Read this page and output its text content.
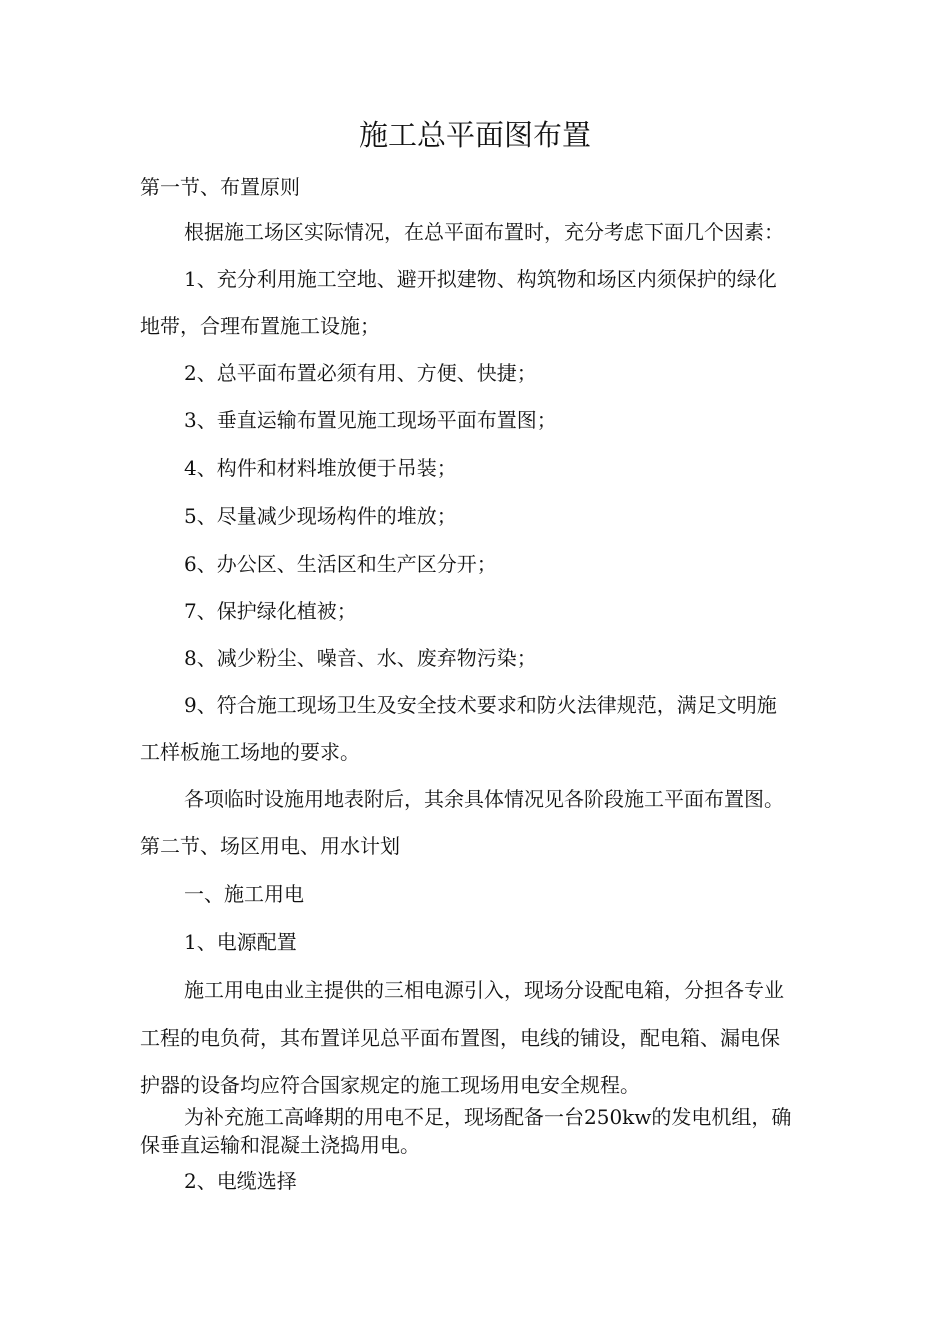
施工总平面图布置
第一节、布置原则
根据施工场区实际情况，在总平面布置时，充分考虑下面几个因素：
1、充分利用施工空地、避开拟建物、构筑物和场区内须保护的绿化
地带，合理布置施工设施；
2、总平面布置必须有用、方便、快捷；
3、垂直运输布置见施工现场平面布置图；
4、构件和材料堆放便于吊装；
5、尽量减少现场构件的堆放；
6、办公区、生活区和生产区分开；
7、保护绿化植被；
8、减少粉尘、噪音、水、废弃物污染；
9、符合施工现场卫生及安全技术要求和防火法律规范，满足文明施
工样板施工场地的要求。
各项临时设施用地表附后，其余具体情况见各阶段施工平面布置图。
第二节、场区用电、用水计划
一、施工用电
1、电源配置
施工用电由业主提供的三相电源引入，现场分设配电箱，分担各专业
工程的电负荷，其布置详见总平面布置图，电线的铺设，配电箱、漏电保
护器的设备均应符合国家规定的施工现场用电安全规程。
为补充施工高峰期的用电不足，现场配备一台250kw的发电机组，确
保垂直运输和混凝土浇捣用电。
2、电缆选择
